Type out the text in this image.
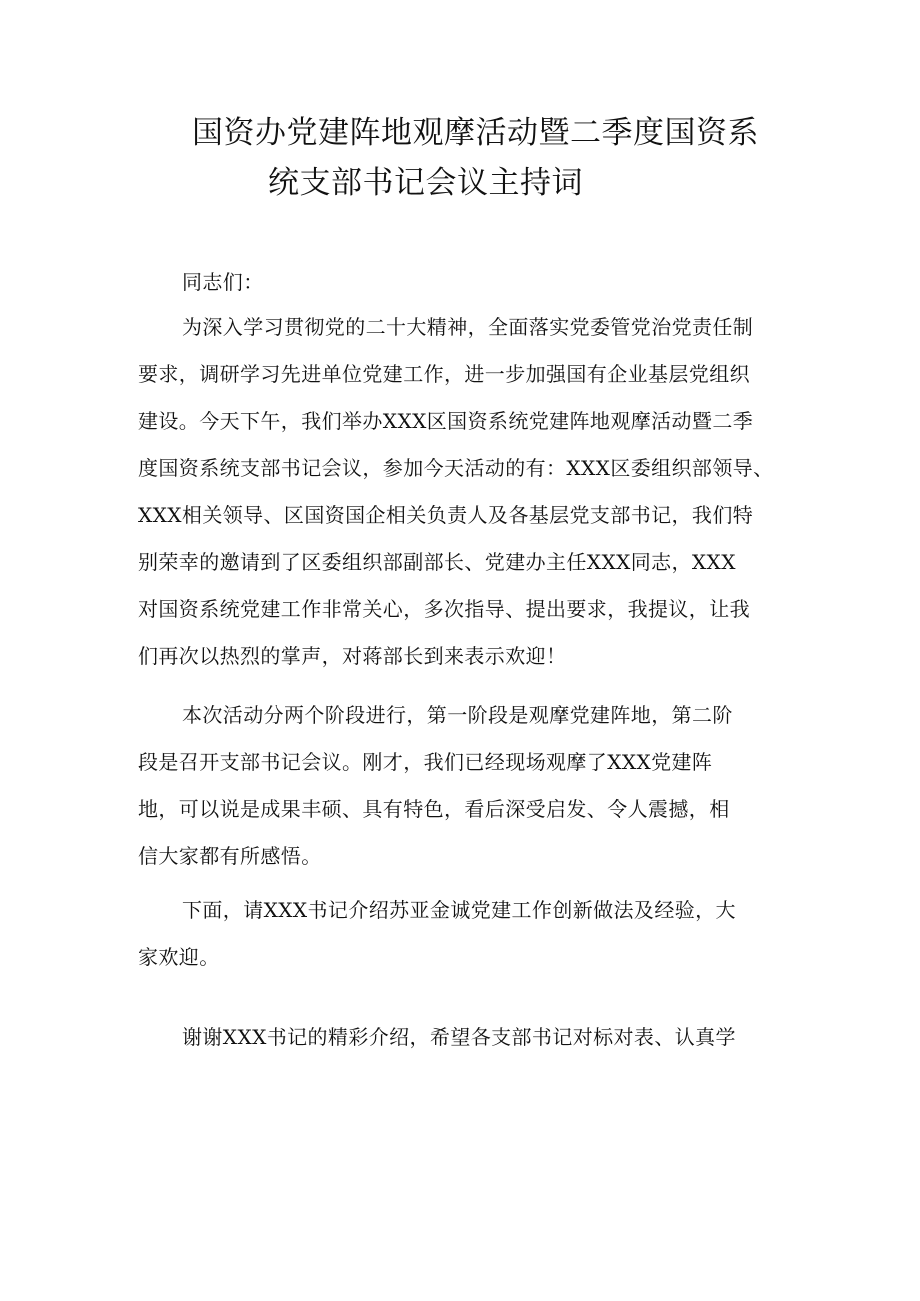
国资办党建阵地观摩活动暨二季度国资系
统支部书记会议主持词
同志们：
为深入学习贯彻党的二十大精神，全面落实党委管党治党责任制
要求，调研学习先进单位党建工作，进一步加强国有企业基层党组织
建设。今天下午，我们举办XXX区国资系统党建阵地观摩活动暨二季
度国资系统支部书记会议，参加今天活动的有：XXX区委组织部领导、
XXX相关领导、区国资国企相关负责人及各基层党支部书记，我们特
别荣幸的邀请到了区委组织部副部长、党建办主任XXX同志，XXX
对国资系统党建工作非常关心，多次指导、提出要求，我提议，让我
们再次以热烈的掌声，对蒋部长到来表示欢迎！
本次活动分两个阶段进行，第一阶段是观摩党建阵地，第二阶
段是召开支部书记会议。刚才，我们已经现场观摩了XXX党建阵
地，可以说是成果丰硕、具有特色，看后深受启发、令人震撼，相
信大家都有所感悟。
下面，请XXX书记介绍苏亚金诚党建工作创新做法及经验，大
家欢迎。
谢谢XXX书记的精彩介绍，希望各支部书记对标对表、认真学
